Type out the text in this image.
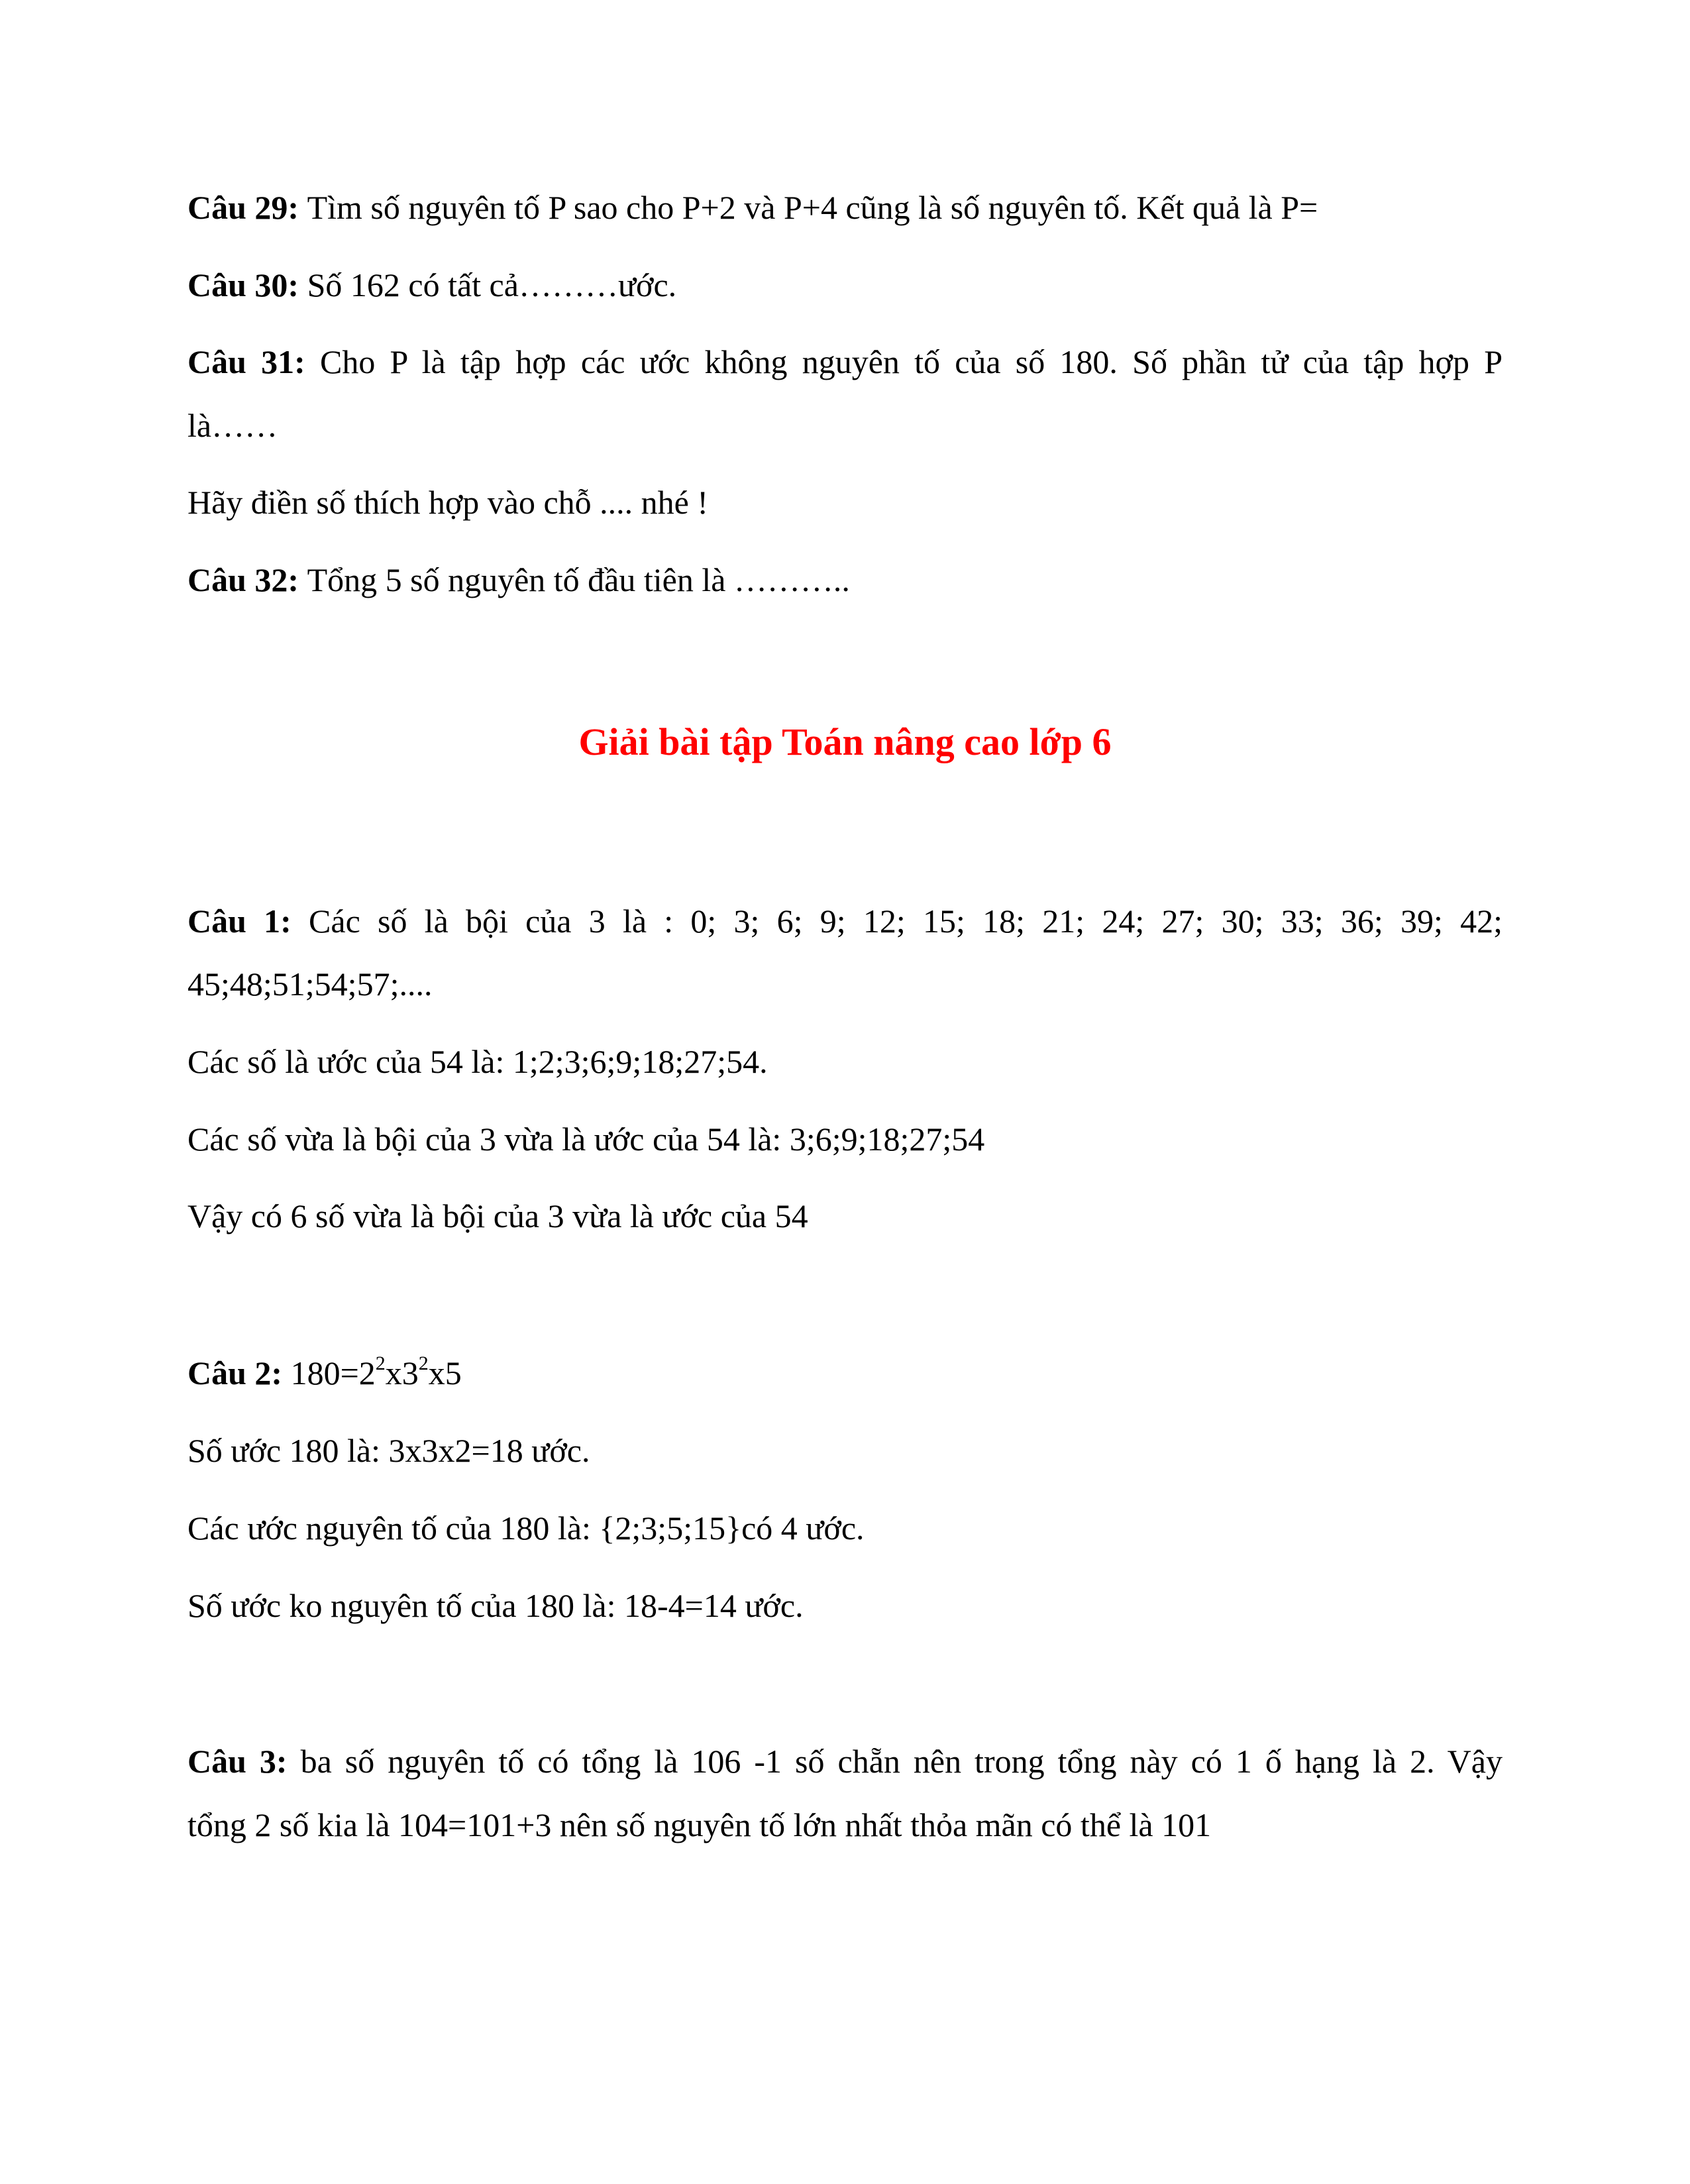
Câu 29: Tìm số nguyên tố P sao cho P+2 và P+4 cũng là số nguyên tố. Kết quả là P=
Câu 30: Số 162 có tất cả………ước.
Câu 31: Cho P là tập hợp các ước không nguyên tố của số 180. Số phần tử của tập hợp P
là……
Hãy điền số thích hợp vào chỗ .... nhé !
Câu 32: Tổng 5 số nguyên tố đầu tiên là ………..
Giải bài tập Toán nâng cao lớp 6
Câu 1: Các số là bội của 3 là : 0; 3; 6; 9; 12; 15; 18; 21; 24; 27; 30; 33; 36; 39; 42;
45;48;51;54;57;....
Các số là ước của 54 là: 1;2;3;6;9;18;27;54.
Các số vừa là bội của 3 vừa là ước của 54 là: 3;6;9;18;27;54
Vậy có 6 số vừa là bội của 3 vừa là ước của 54
Câu 2: $180=2^2x3^2x5$
Số ước 180 là: 3x3x2=18 ước.
Các ước nguyên tố của 180 là: {2;3;5;15}có 4 ước.
Số ước ko nguyên tố của 180 là: 18-4=14 ước.
Câu 3: ba số nguyên tố có tổng là 106 -1 số chẵn nên trong tổng này có 1 ố hạng là 2. Vậy
tổng 2 số kia là 104=101+3 nên số nguyên tố lớn nhất thỏa mãn có thể là 101
